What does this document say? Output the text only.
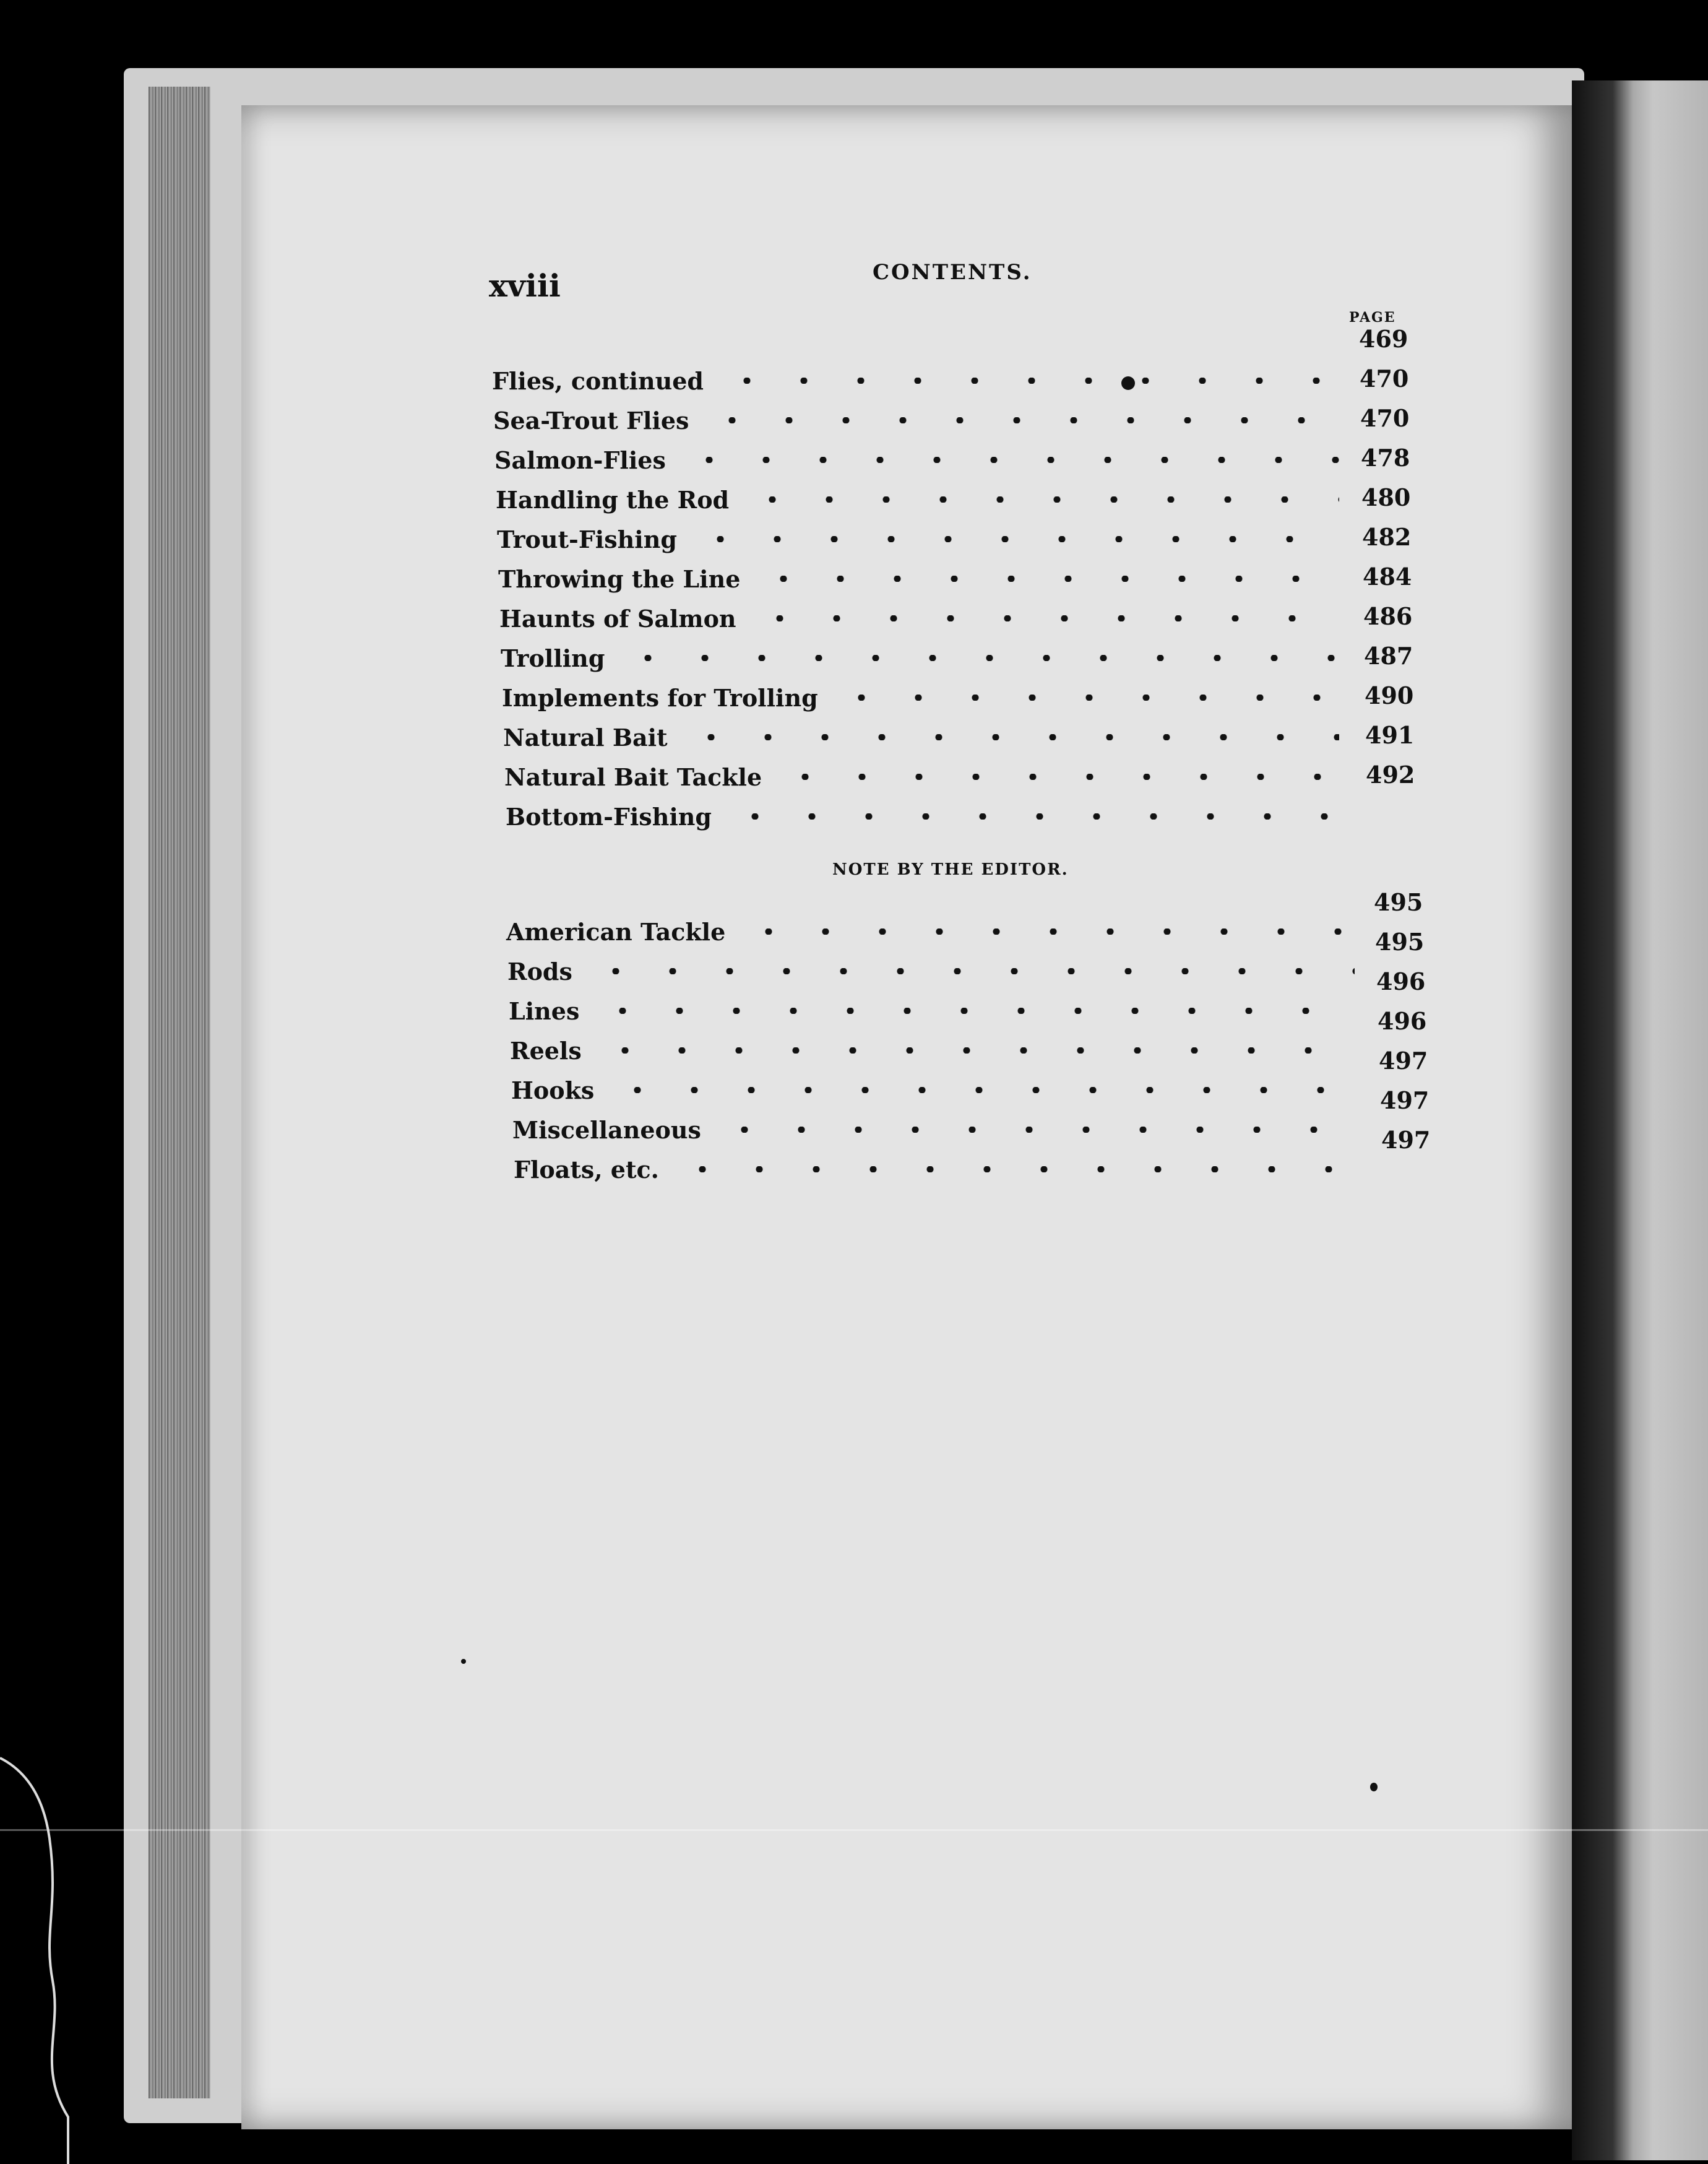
xviii	CONTENTS.
PAGE
Flies, continued
469
Sea-Trout Flies
470
Salmon-Flies
470
Handling the Rod
478
Trout-Fishing
480
Throwing the Line
482
Haunts of Salmon
484
Trolling
486
Implements for Trolling
487
Natural Bait
490
Natural Bait Tackle
491
Bottom-Fishing
492
NOTE BY THE EDITOR.
American Tackle
495
Rods
495
Lines
496
Reels
496
Hooks
497
Miscellaneous
497
Floats, etc.
497
